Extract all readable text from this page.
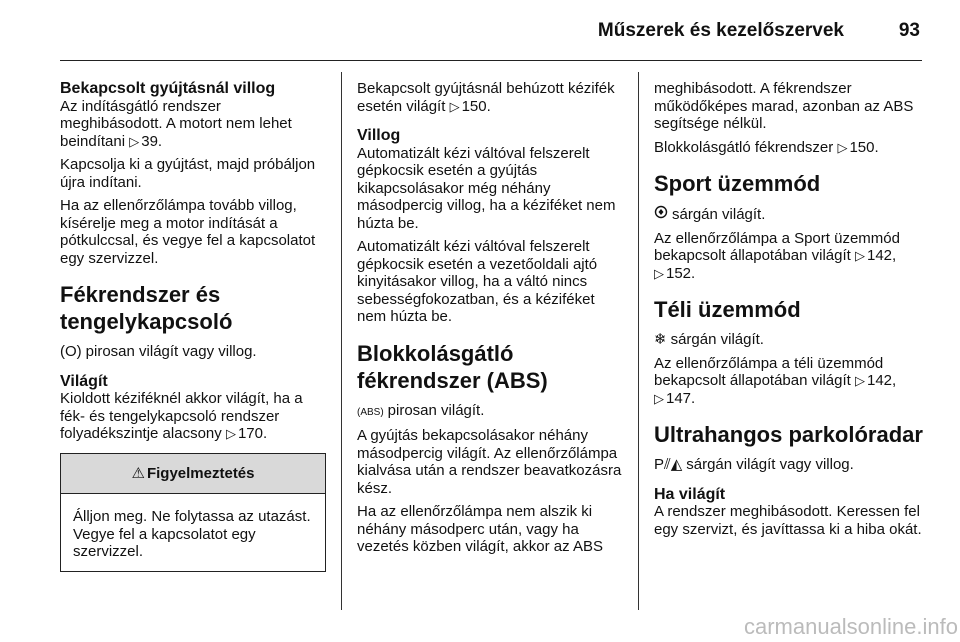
Műszerek és kezelőszervek	93
Bekapcsolt gyújtásnál villog

Az indításgátló rendszer meghibásodott. A motort nem lehet beindítani ▷ 39.

Kapcsolja ki a gyújtást, majd próbáljon újra indítani.

Ha az ellenőrzőlámpa tovább villog, kísérelje meg a motor indítását a pótkulccsal, és vegye fel a kapcsolatot egy szervizzel.

Fékrendszer és tengelykapcsoló

(O) pirosan világít vagy villog.

Világít

Kioldott kéziféknél akkor világít, ha a fék- és tengelykapcsoló rendszer folyadékszintje alacsony ▷ 170.

⚠ Figyelmeztetés
Álljon meg. Ne folytassa az utazást. Vegye fel a kapcsolatot egy szervizzel.

Bekapcsolt gyújtásnál behúzott kézifék esetén világít ▷ 150.

Villog

Automatizált kézi váltóval felszerelt gépkocsik esetén a gyújtás kikapcsolásakor még néhány másodpercig villog, ha a kéziféket nem húzta be.

Automatizált kézi váltóval felszerelt gépkocsik esetén a vezetőoldali ajtó kinyitásakor villog, ha a váltó nincs sebességfokozatban, és a kéziféket nem húzta be.

Blokkolásgátló fékrendszer (ABS)

(ABS) pirosan világít.

A gyújtás bekapcsolásakor néhány másodpercig világít. Az ellenőrzőlámpa kialvása után a rendszer beavatkozásra kész.

Ha az ellenőrzőlámpa nem alszik ki néhány másodperc után, vagy ha vezetés közben világít, akkor az ABS

meghibásodott. A fékrendszer működőképes marad, azonban az ABS segítsége nélkül.

Blokkolásgátló fékrendszer ▷ 150.

Sport üzemmód

sárgán világít.

Az ellenőrzőlámpa a Sport üzemmód bekapcsolt állapotában világít ▷ 142, ▷ 152.

Téli üzemmód

❄ sárgán világít.

Az ellenőrzőlámpa a téli üzemmód bekapcsolt állapotában világít ▷ 142, ▷ 147.

Ultrahangos parkolóradar

P⫽◭ sárgán világít vagy villog.

Ha világít

A rendszer meghibásodott. Keressen fel egy szervizt, és javíttassa ki a hiba okát.

carmanualsonline.info
